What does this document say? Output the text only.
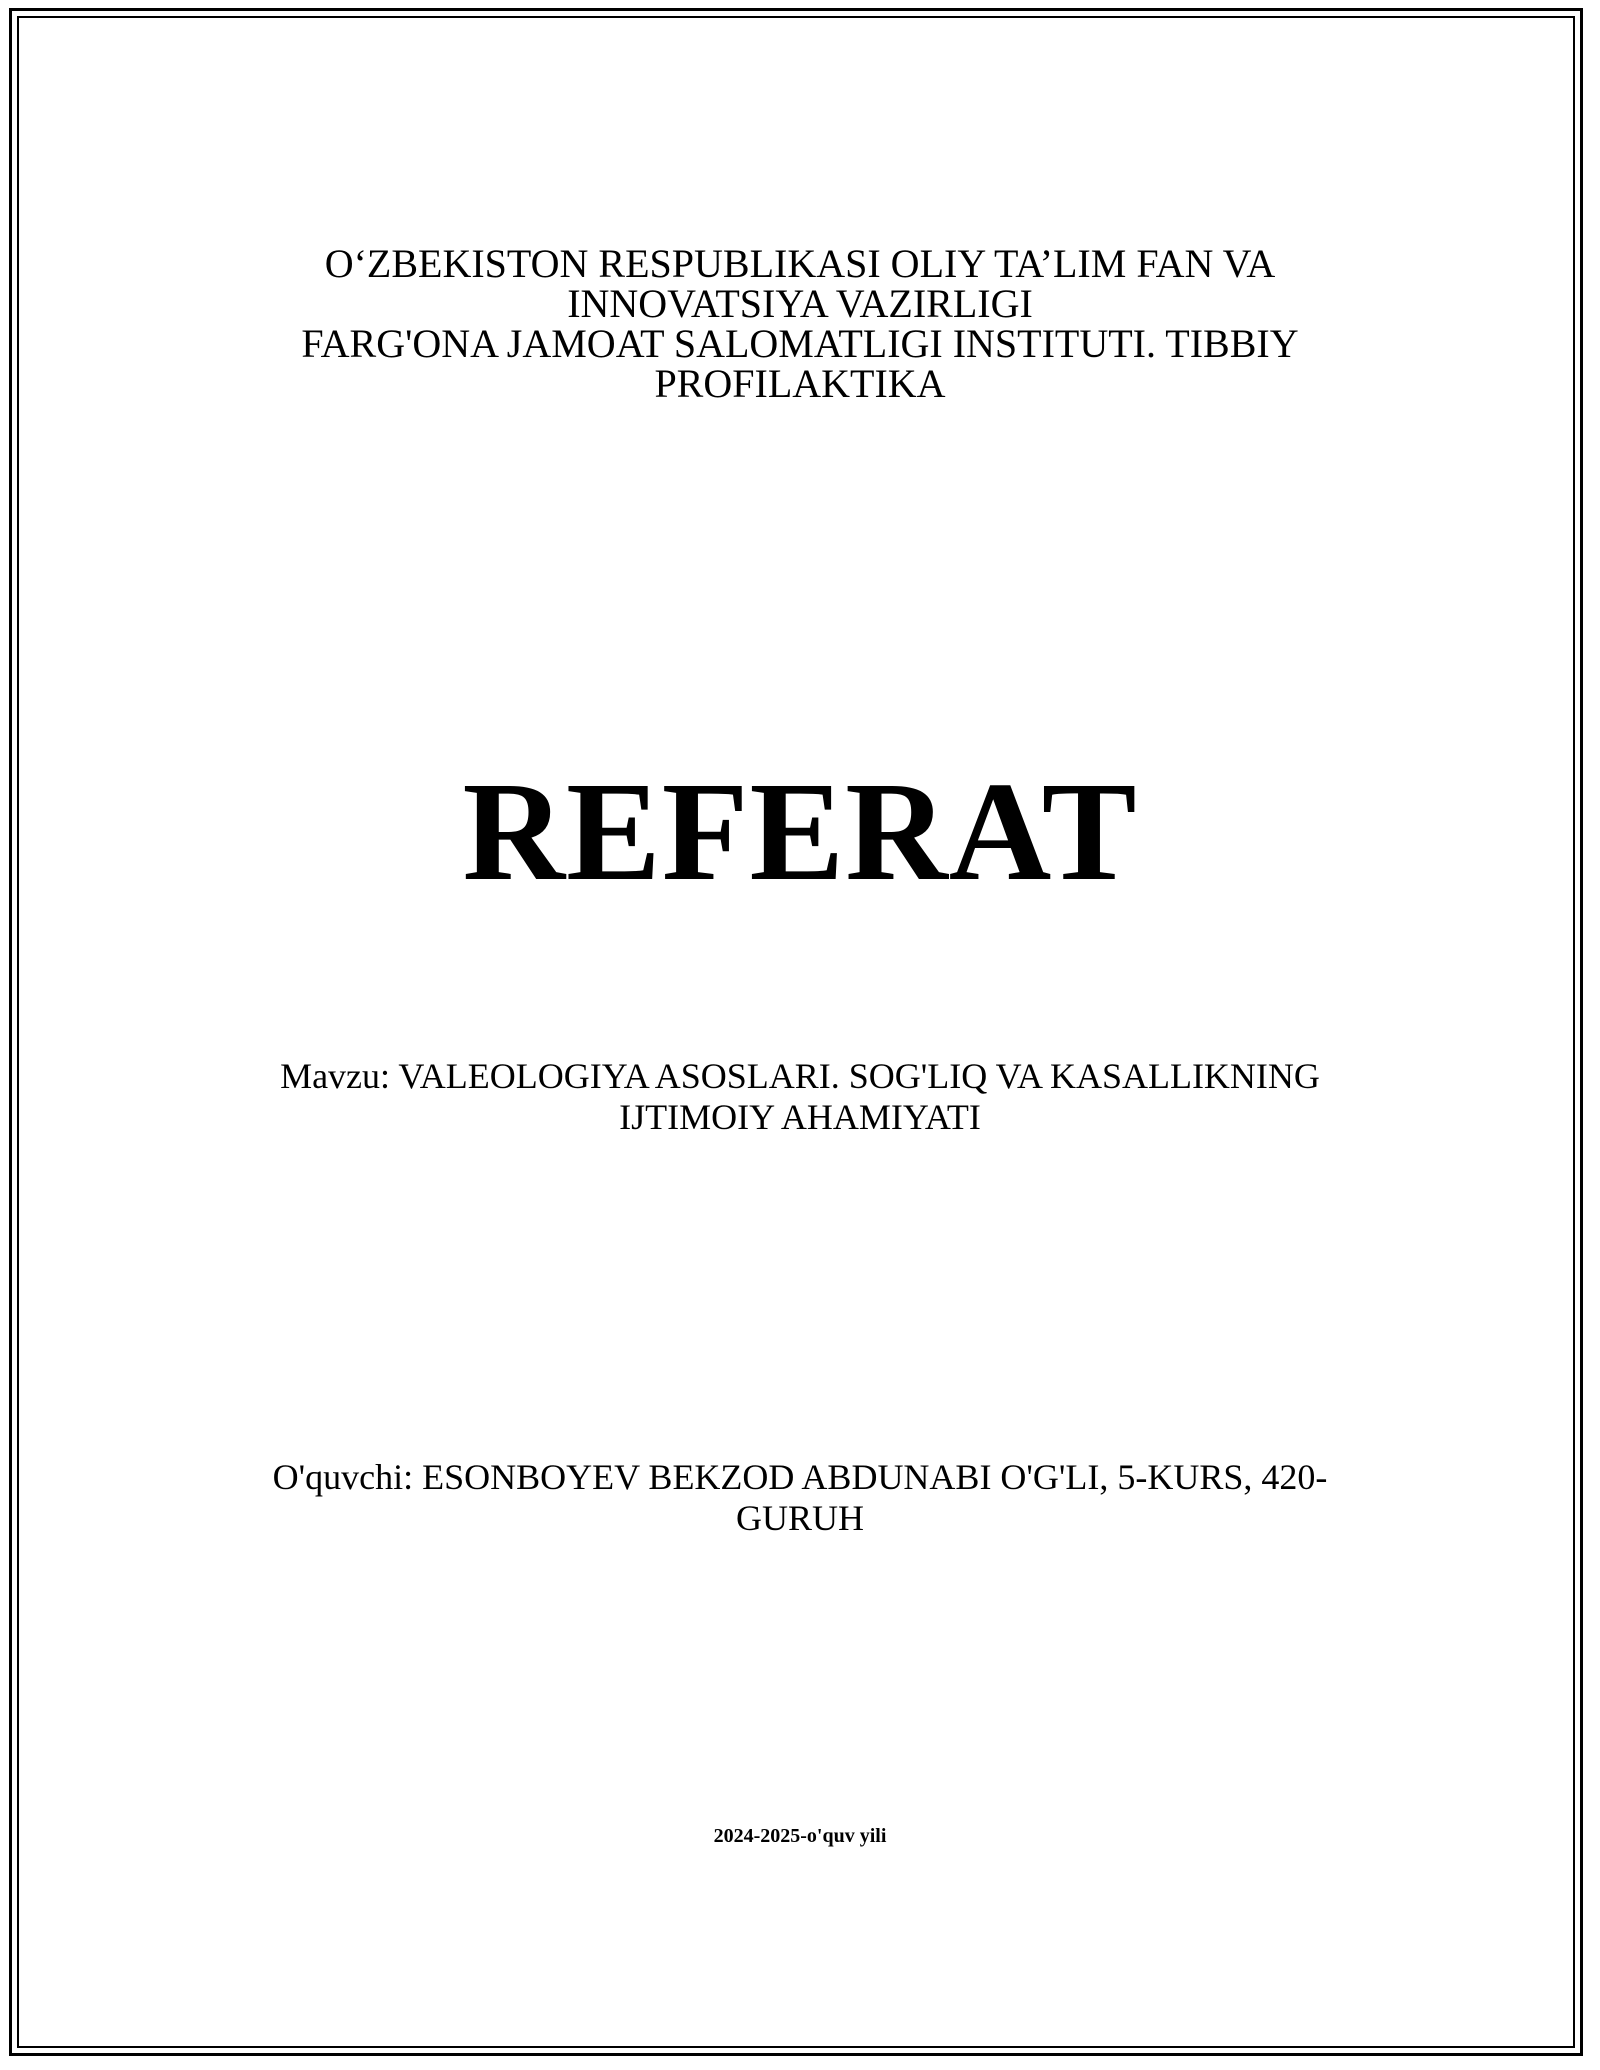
O‘ZBEKISTON RESPUBLIKASI OLIY TA’LIM FAN VA
INNOVATSIYA VAZIRLIGI
FARG'ONA JAMOAT SALOMATLIGI INSTITUTI. TIBBIY
PROFILAKTIKA
REFERAT
Mavzu: VALEOLOGIYA ASOSLARI. SOG'LIQ VA KASALLIKNING
IJTIMOIY AHAMIYATI
O'quvchi: ESONBOYEV BEKZOD ABDUNABI O'G'LI, 5-KURS, 420-
GURUH
2024-2025-o'quv yili
